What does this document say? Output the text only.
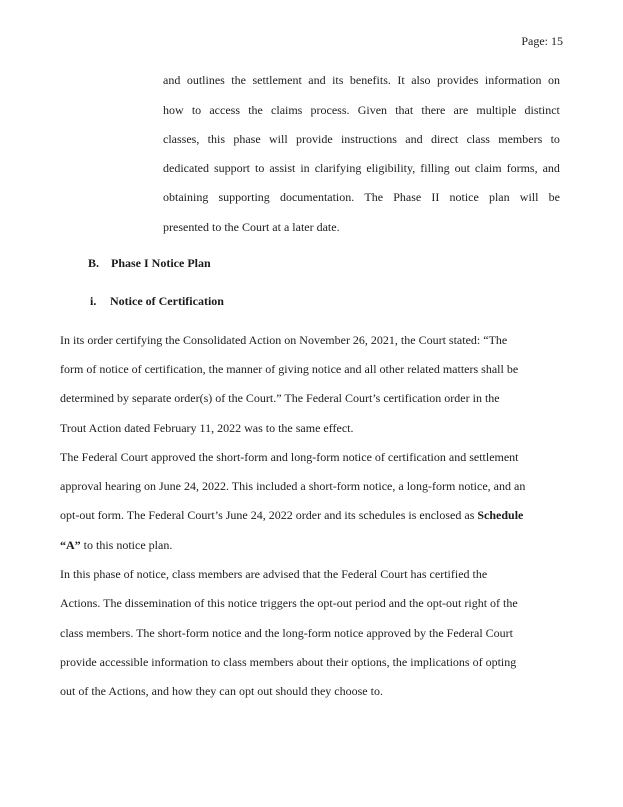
Page: 15
and outlines the settlement and its benefits. It also provides information on
how to access the claims process. Given that there are multiple distinct
classes, this phase will provide instructions and direct class members to
dedicated support to assist in clarifying eligibility, filling out claim forms, and
obtaining supporting documentation. The Phase II notice plan will be
presented to the Court at a later date.
B. Phase I Notice Plan
i. Notice of Certification
In its order certifying the Consolidated Action on November 26, 2021, the Court stated: “The
form of notice of certification, the manner of giving notice and all other related matters shall be
determined by separate order(s) of the Court.” The Federal Court’s certification order in the
Trout Action dated February 11, 2022 was to the same effect.
The Federal Court approved the short-form and long-form notice of certification and settlement
approval hearing on June 24, 2022. This included a short-form notice, a long-form notice, and an
opt-out form. The Federal Court’s June 24, 2022 order and its schedules is enclosed as Schedule
“A” to this notice plan.
In this phase of notice, class members are advised that the Federal Court has certified the
Actions. The dissemination of this notice triggers the opt-out period and the opt-out right of the
class members. The short-form notice and the long-form notice approved by the Federal Court
provide accessible information to class members about their options, the implications of opting
out of the Actions, and how they can opt out should they choose to.
